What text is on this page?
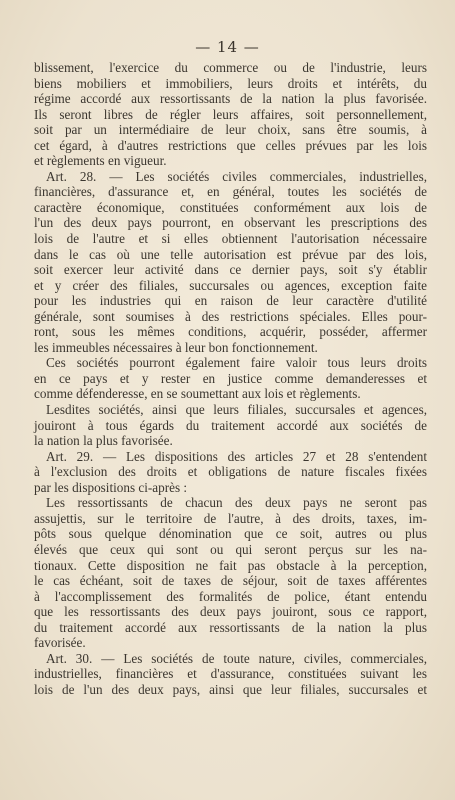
— 14 —

blissement, l'exercice du commerce ou de l'industrie, leurs

biens mobiliers et immobiliers, leurs droits et intérêts, du

régime accordé aux ressortissants de la nation la plus favorisée.

Ils seront libres de régler leurs affaires, soit personnellement,

soit par un intermédiaire de leur choix, sans être soumis, à

cet égard, à d'autres restrictions que celles prévues par les lois

et règlements en vigueur.

Art. 28. — Les sociétés civiles commerciales, industrielles,

financières, d'assurance et, en général, toutes les sociétés de

caractère économique, constituées conformément aux lois de

l'un des deux pays pourront, en observant les prescriptions des

lois de l'autre et si elles obtiennent l'autorisation nécessaire

dans le cas où une telle autorisation est prévue par des lois,

soit exercer leur activité dans ce dernier pays, soit s'y établir

et y créer des filiales, succursales ou agences, exception faite

pour les industries qui en raison de leur caractère d'utilité

générale, sont soumises à des restrictions spéciales. Elles pour-

ront, sous les mêmes conditions, acquérir, posséder, affermer

les immeubles nécessaires à leur bon fonctionnement.

Ces sociétés pourront également faire valoir tous leurs droits

en ce pays et y rester en justice comme demanderesses et

comme défenderesse, en se soumettant aux lois et règlements.

Lesdites sociétés, ainsi que leurs filiales, succursales et agences,

jouiront à tous égards du traitement accordé aux sociétés de

la nation la plus favorisée.

Art. 29. — Les dispositions des articles 27 et 28 s'entendent

à l'exclusion des droits et obligations de nature fiscales fixées

par les dispositions ci-après :

Les ressortissants de chacun des deux pays ne seront pas

assujettis, sur le territoire de l'autre, à des droits, taxes, im-

pôts sous quelque dénomination que ce soit, autres ou plus

élevés que ceux qui sont ou qui seront perçus sur les na-

tionaux. Cette disposition ne fait pas obstacle à la perception,

le cas échéant, soit de taxes de séjour, soit de taxes afférentes

à l'accomplissement des formalités de police, étant entendu

que les ressortissants des deux pays jouiront, sous ce rapport,

du traitement accordé aux ressortissants de la nation la plus

favorisée.

Art. 30. — Les sociétés de toute nature, civiles, commerciales,

industrielles, financières et d'assurance, constituées suivant les

lois de l'un des deux pays, ainsi que leur filiales, succursales et
